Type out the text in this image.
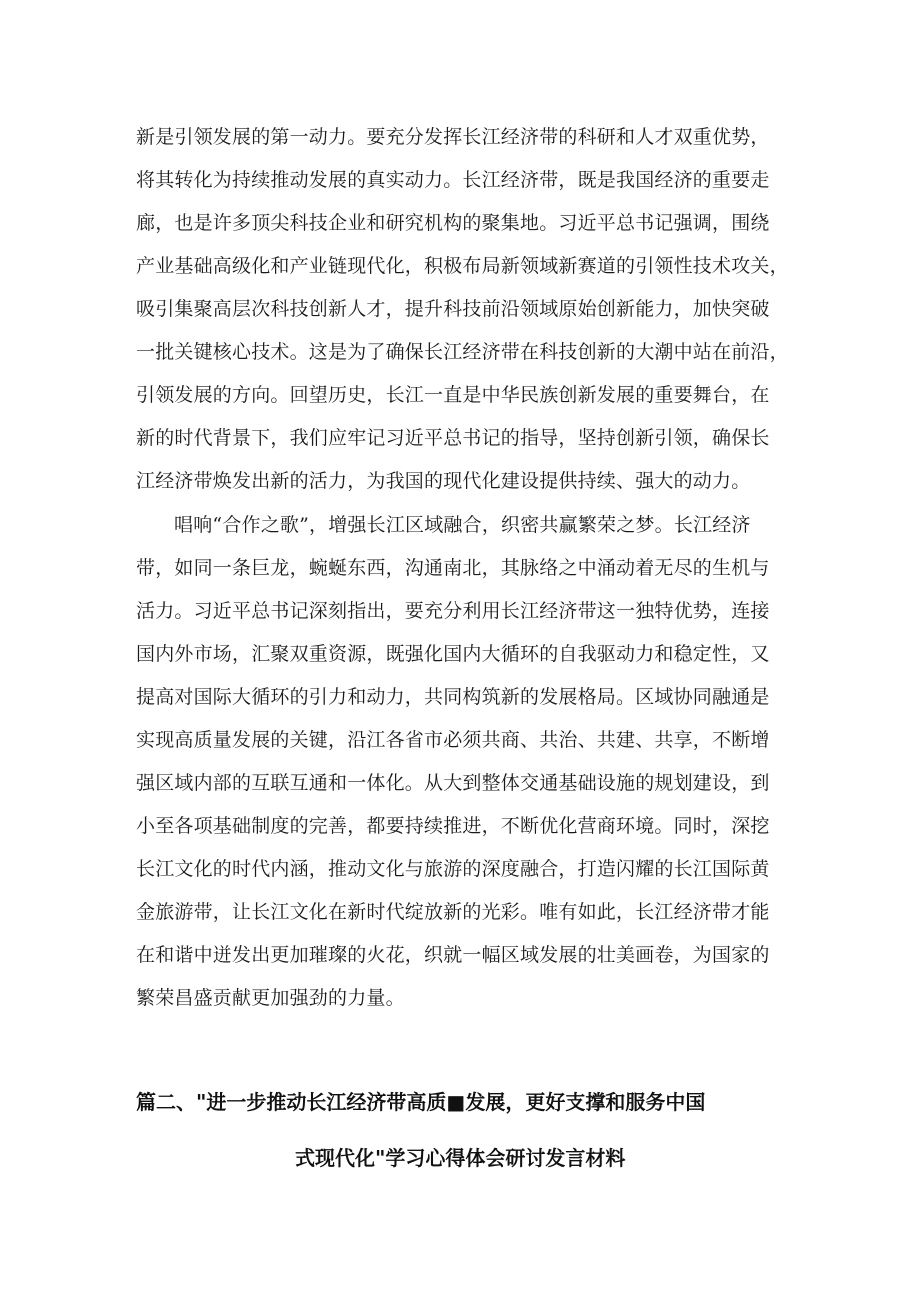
新是引领发展的第一动力。要充分发挥长江经济带的科研和人才双重优势，

将其转化为持续推动发展的真实动力。长江经济带，既是我国经济的重要走

廊，也是许多顶尖科技企业和研究机构的聚集地。习近平总书记强调，围绕

产业基础高级化和产业链现代化，积极布局新领域新赛道的引领性技术攻关，

吸引集聚高层次科技创新人才，提升科技前沿领域原始创新能力，加快突破

一批关键核心技术。这是为了确保长江经济带在科技创新的大潮中站在前沿，

引领发展的方向。回望历史，长江一直是中华民族创新发展的重要舞台，在

新的时代背景下，我们应牢记习近平总书记的指导，坚持创新引领，确保长

江经济带焕发出新的活力，为我国的现代化建设提供持续、强大的动力。

唱响“合作之歌”，增强长江区域融合，织密共赢繁荣之梦。长江经济

带，如同一条巨龙，蜿蜒东西，沟通南北，其脉络之中涌动着无尽的生机与

活力。习近平总书记深刻指出，要充分利用长江经济带这一独特优势，连接

国内外市场，汇聚双重资源，既强化国内大循环的自我驱动力和稳定性，又

提高对国际大循环的引力和动力，共同构筑新的发展格局。区域协同融通是

实现高质量发展的关键，沿江各省市必须共商、共治、共建、共享，不断增

强区域内部的互联互通和一体化。从大到整体交通基础设施的规划建设，到

小至各项基础制度的完善，都要持续推进，不断优化营商环境。同时，深挖

长江文化的时代内涵，推动文化与旅游的深度融合，打造闪耀的长江国际黄

金旅游带，让长江文化在新时代绽放新的光彩。唯有如此，长江经济带才能

在和谐中迸发出更加璀璨的火花，织就一幅区域发展的壮美画卷，为国家的

繁荣昌盛贡献更加强劲的力量。

篇二、"进一步推动长江经济带高质■发展，更好支撑和服务中国

式现代化"学习心得体会研讨发言材料
